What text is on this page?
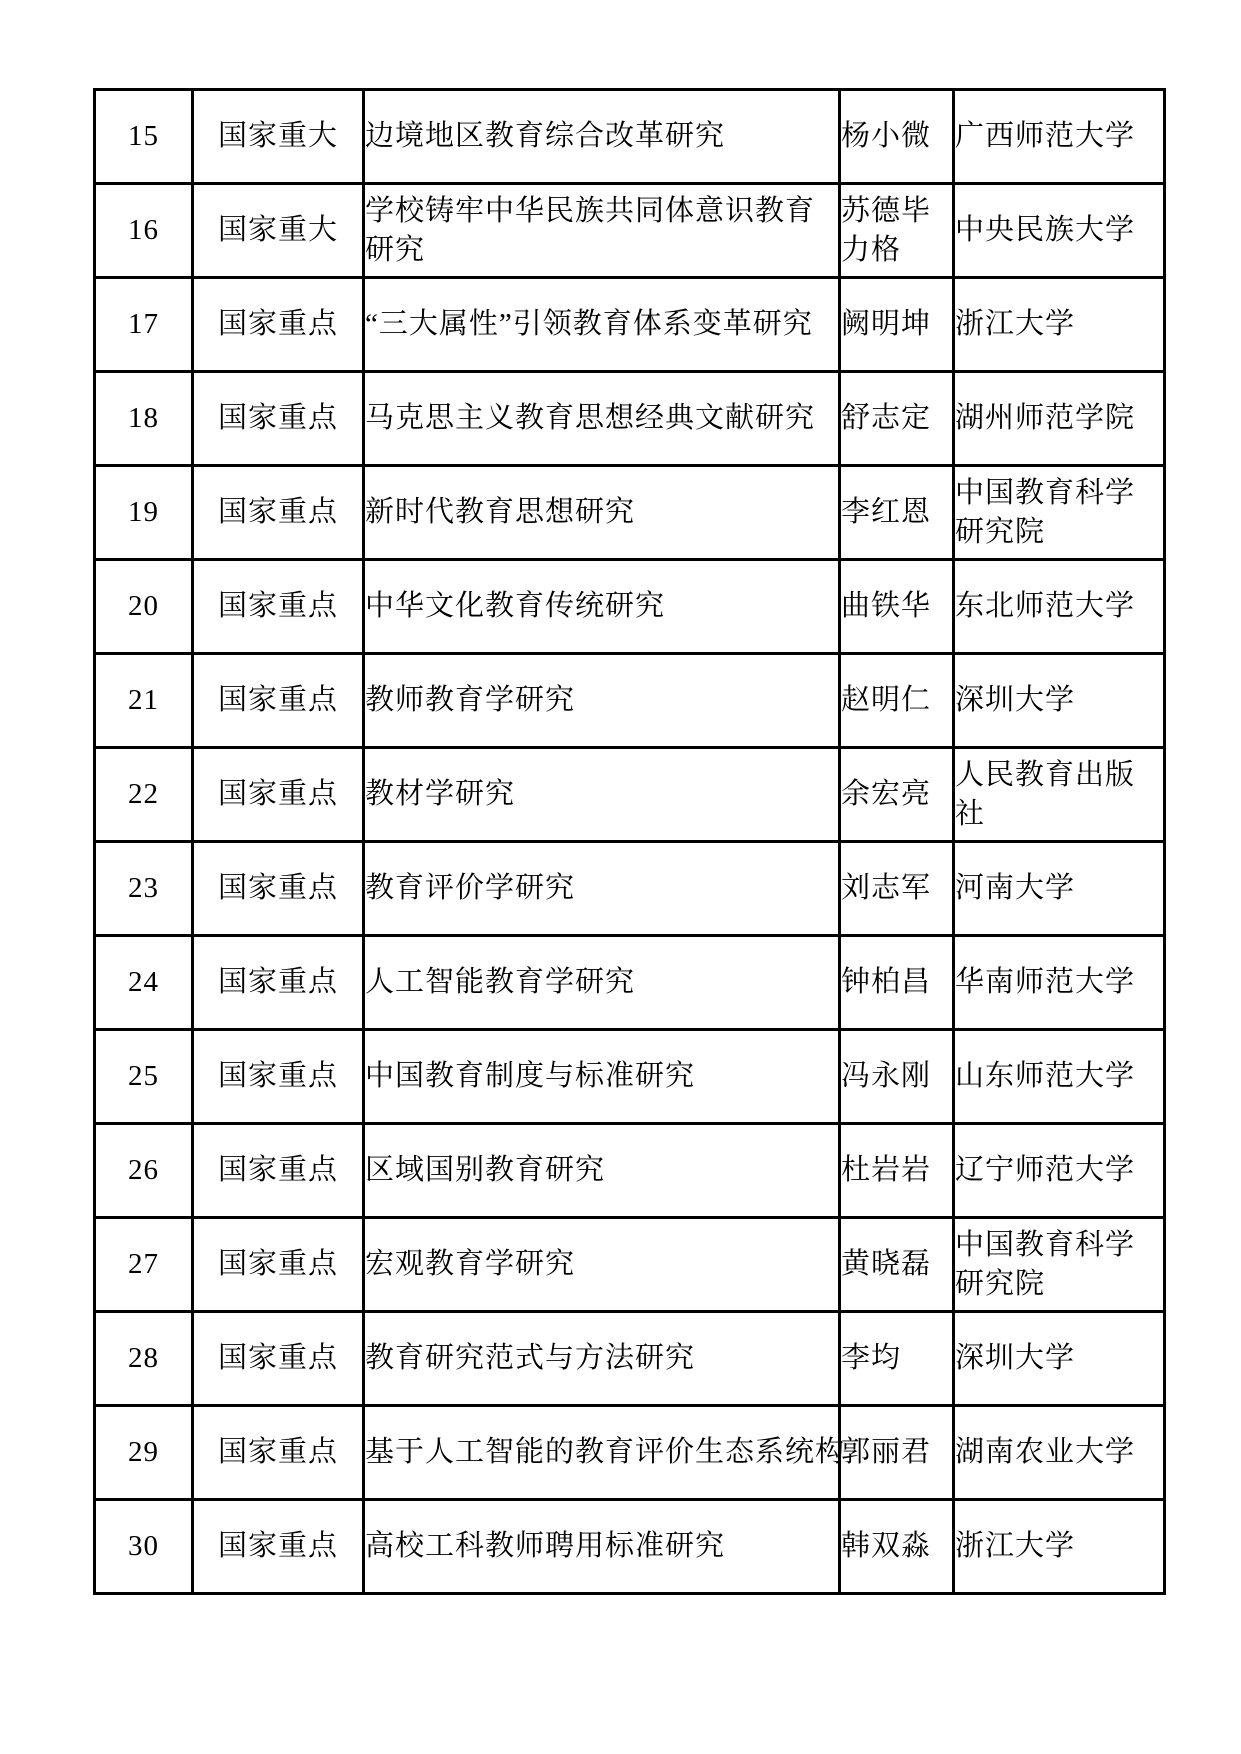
15	国家重大	边境地区教育综合改革研究	杨小微	广西师范大学
16	国家重大	学校铸牢中华民族共同体意识教育研究	苏德毕力格	中央民族大学
17	国家重点	“三大属性”引领教育体系变革研究	阙明坤	浙江大学
18	国家重点	马克思主义教育思想经典文献研究	舒志定	湖州师范学院
19	国家重点	新时代教育思想研究	李红恩	中国教育科学研究院
20	国家重点	中华文化教育传统研究	曲铁华	东北师范大学
21	国家重点	教师教育学研究	赵明仁	深圳大学
22	国家重点	教材学研究	余宏亮	人民教育出版社
23	国家重点	教育评价学研究	刘志军	河南大学
24	国家重点	人工智能教育学研究	钟柏昌	华南师范大学
25	国家重点	中国教育制度与标准研究	冯永刚	山东师范大学
26	国家重点	区域国别教育研究	杜岩岩	辽宁师范大学
27	国家重点	宏观教育学研究	黄晓磊	中国教育科学研究院
28	国家重点	教育研究范式与方法研究	李均	深圳大学
29	国家重点	基于人工智能的教育评价生态系统构	郭丽君	湖南农业大学
30	国家重点	高校工科教师聘用标准研究	韩双淼	浙江大学
